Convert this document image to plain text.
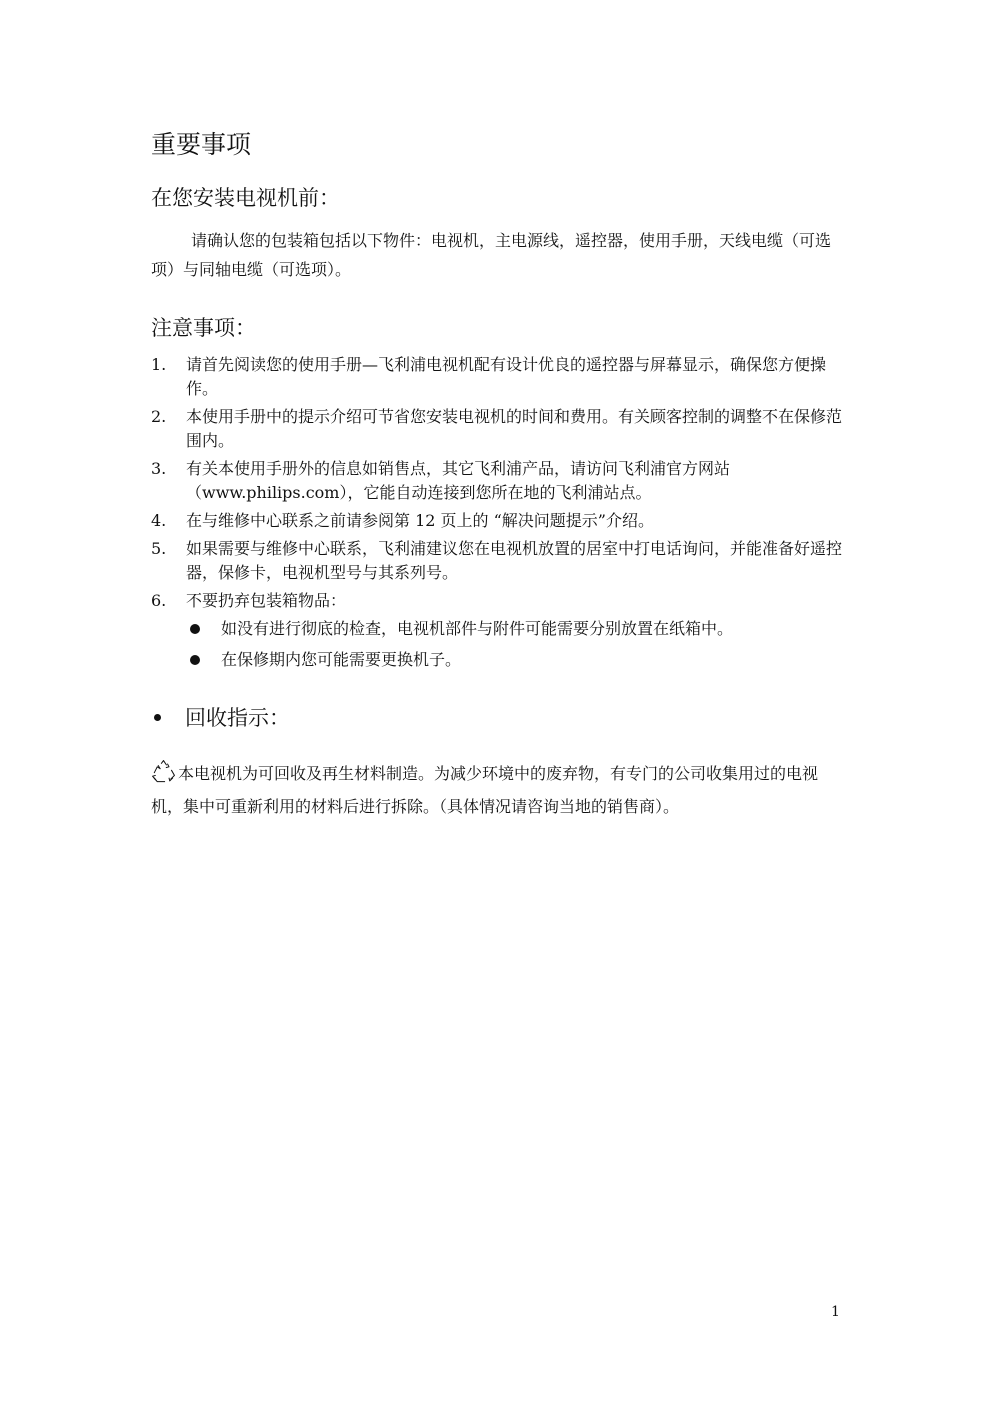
重要事项
在您安装电视机前：

请确认您的包装箱包括以下物件：电视机，主电源线，遥控器，使用手册，天线电缆（可选项）与同轴电缆（可选项）。

注意事项：
1. 请首先阅读您的使用手册—飞利浦电视机配有设计优良的遥控器与屏幕显示，确保您方便操作。
2. 本使用手册中的提示介绍可节省您安装电视机的时间和费用。有关顾客控制的调整不在保修范围内。
3. 有关本使用手册外的信息如销售点，其它飞利浦产品，请访问飞利浦官方网站（www.philips.com），它能自动连接到您所在地的飞利浦站点。
4. 在与维修中心联系之前请参阅第 12 页上的 “解决问题提示”介绍。
5. 如果需要与维修中心联系，飞利浦建议您在电视机放置的居室中打电话询问，并能准备好遥控器，保修卡，电视机型号与其系列号。
6. 不要扔弃包装箱物品：
如没有进行彻底的检查，电视机部件与附件可能需要分别放置在纸箱中。
在保修期内您可能需要更换机子。
回收指示：

本电视机为可回收及再生材料制造。为减少环境中的废弃物，有专门的公司收集用过的电视机，集中可重新利用的材料后进行拆除。（具体情况请咨询当地的销售商）。

1
